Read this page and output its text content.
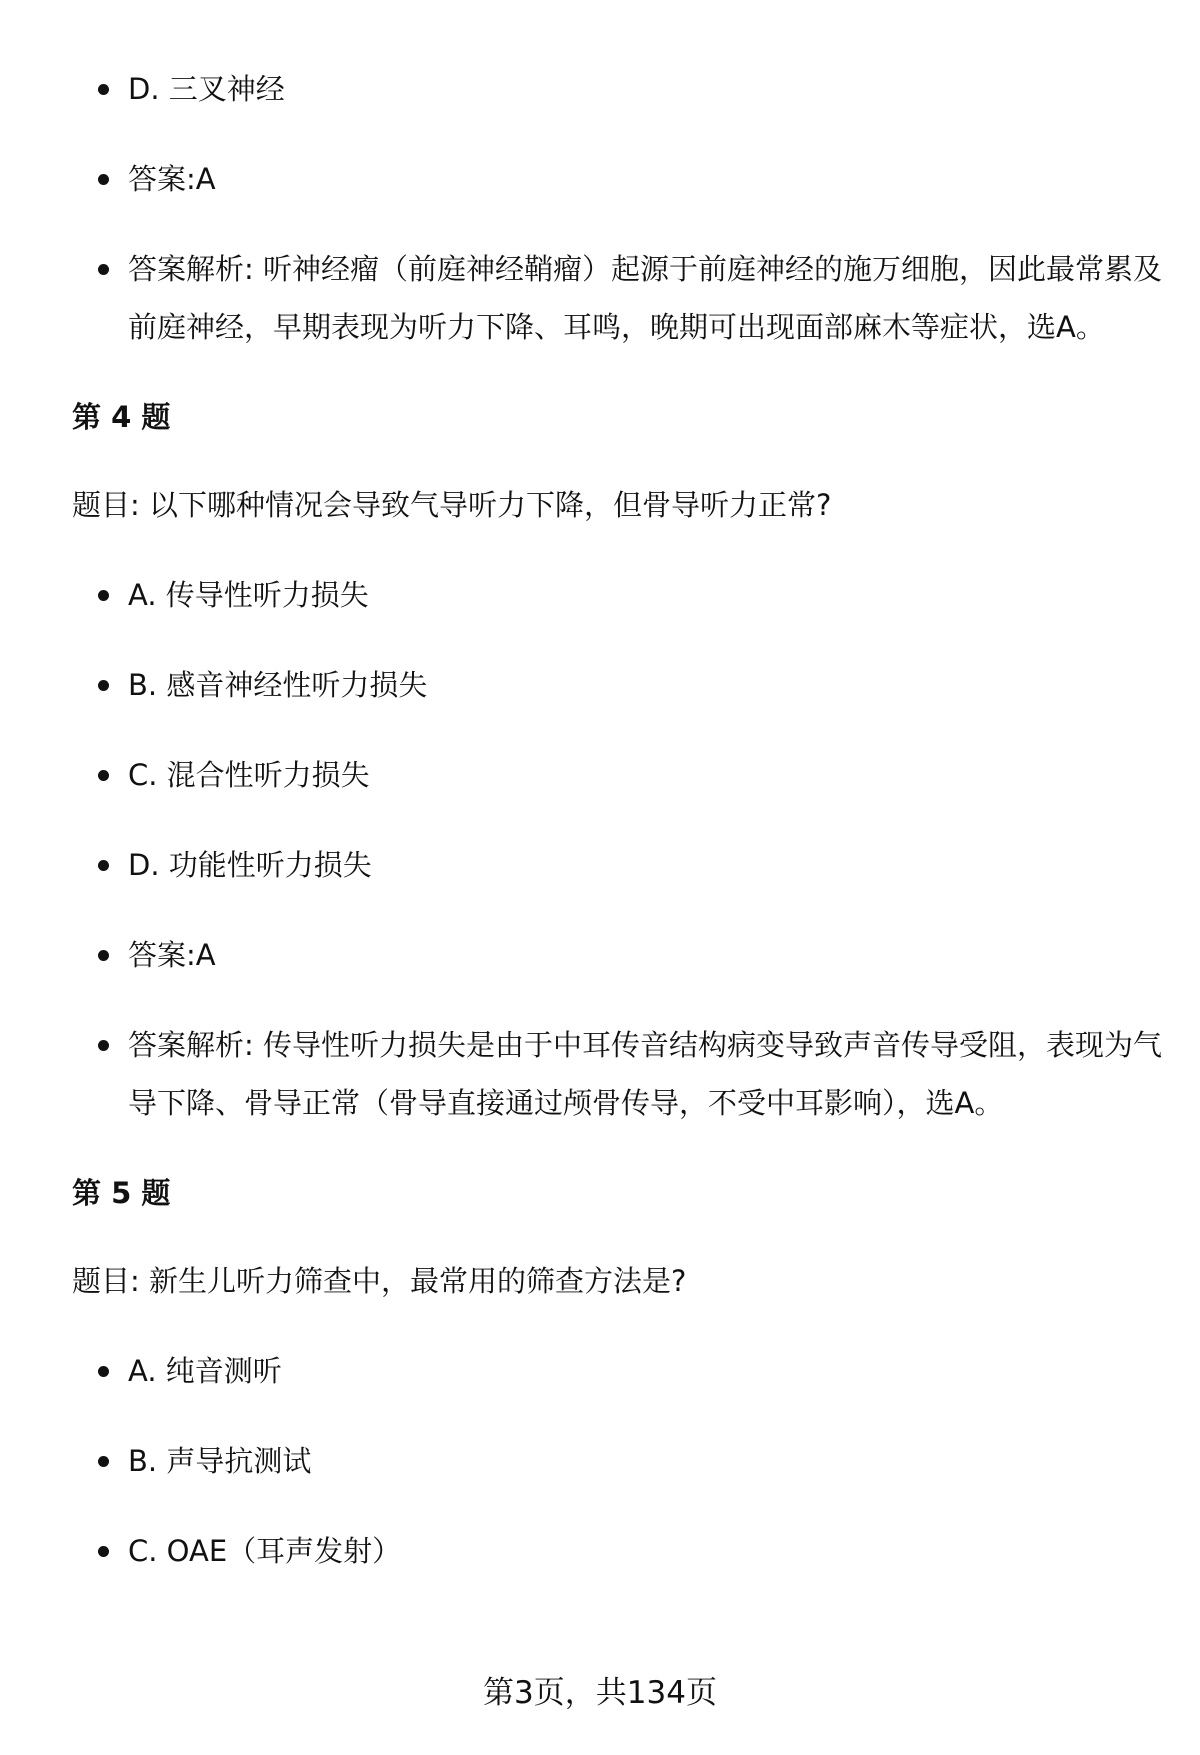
D. 三叉神经
答案:A
答案解析: 听神经瘤（前庭神经鞘瘤）起源于前庭神经的施万细胞，因此最常累及前庭神经，早期表现为听力下降、耳鸣，晚期可出现面部麻木等症状，选A。
第 4 题
题目: 以下哪种情况会导致气导听力下降，但骨导听力正常?
A. 传导性听力损失
B. 感音神经性听力损失
C. 混合性听力损失
D. 功能性听力损失
答案:A
答案解析: 传导性听力损失是由于中耳传音结构病变导致声音传导受阻，表现为气导下降、骨导正常（骨导直接通过颅骨传导，不受中耳影响），选A。
第 5 题
题目: 新生儿听力筛查中，最常用的筛查方法是?
A. 纯音测听
B. 声导抗测试
C. OAE（耳声发射）
第3页，共134页
